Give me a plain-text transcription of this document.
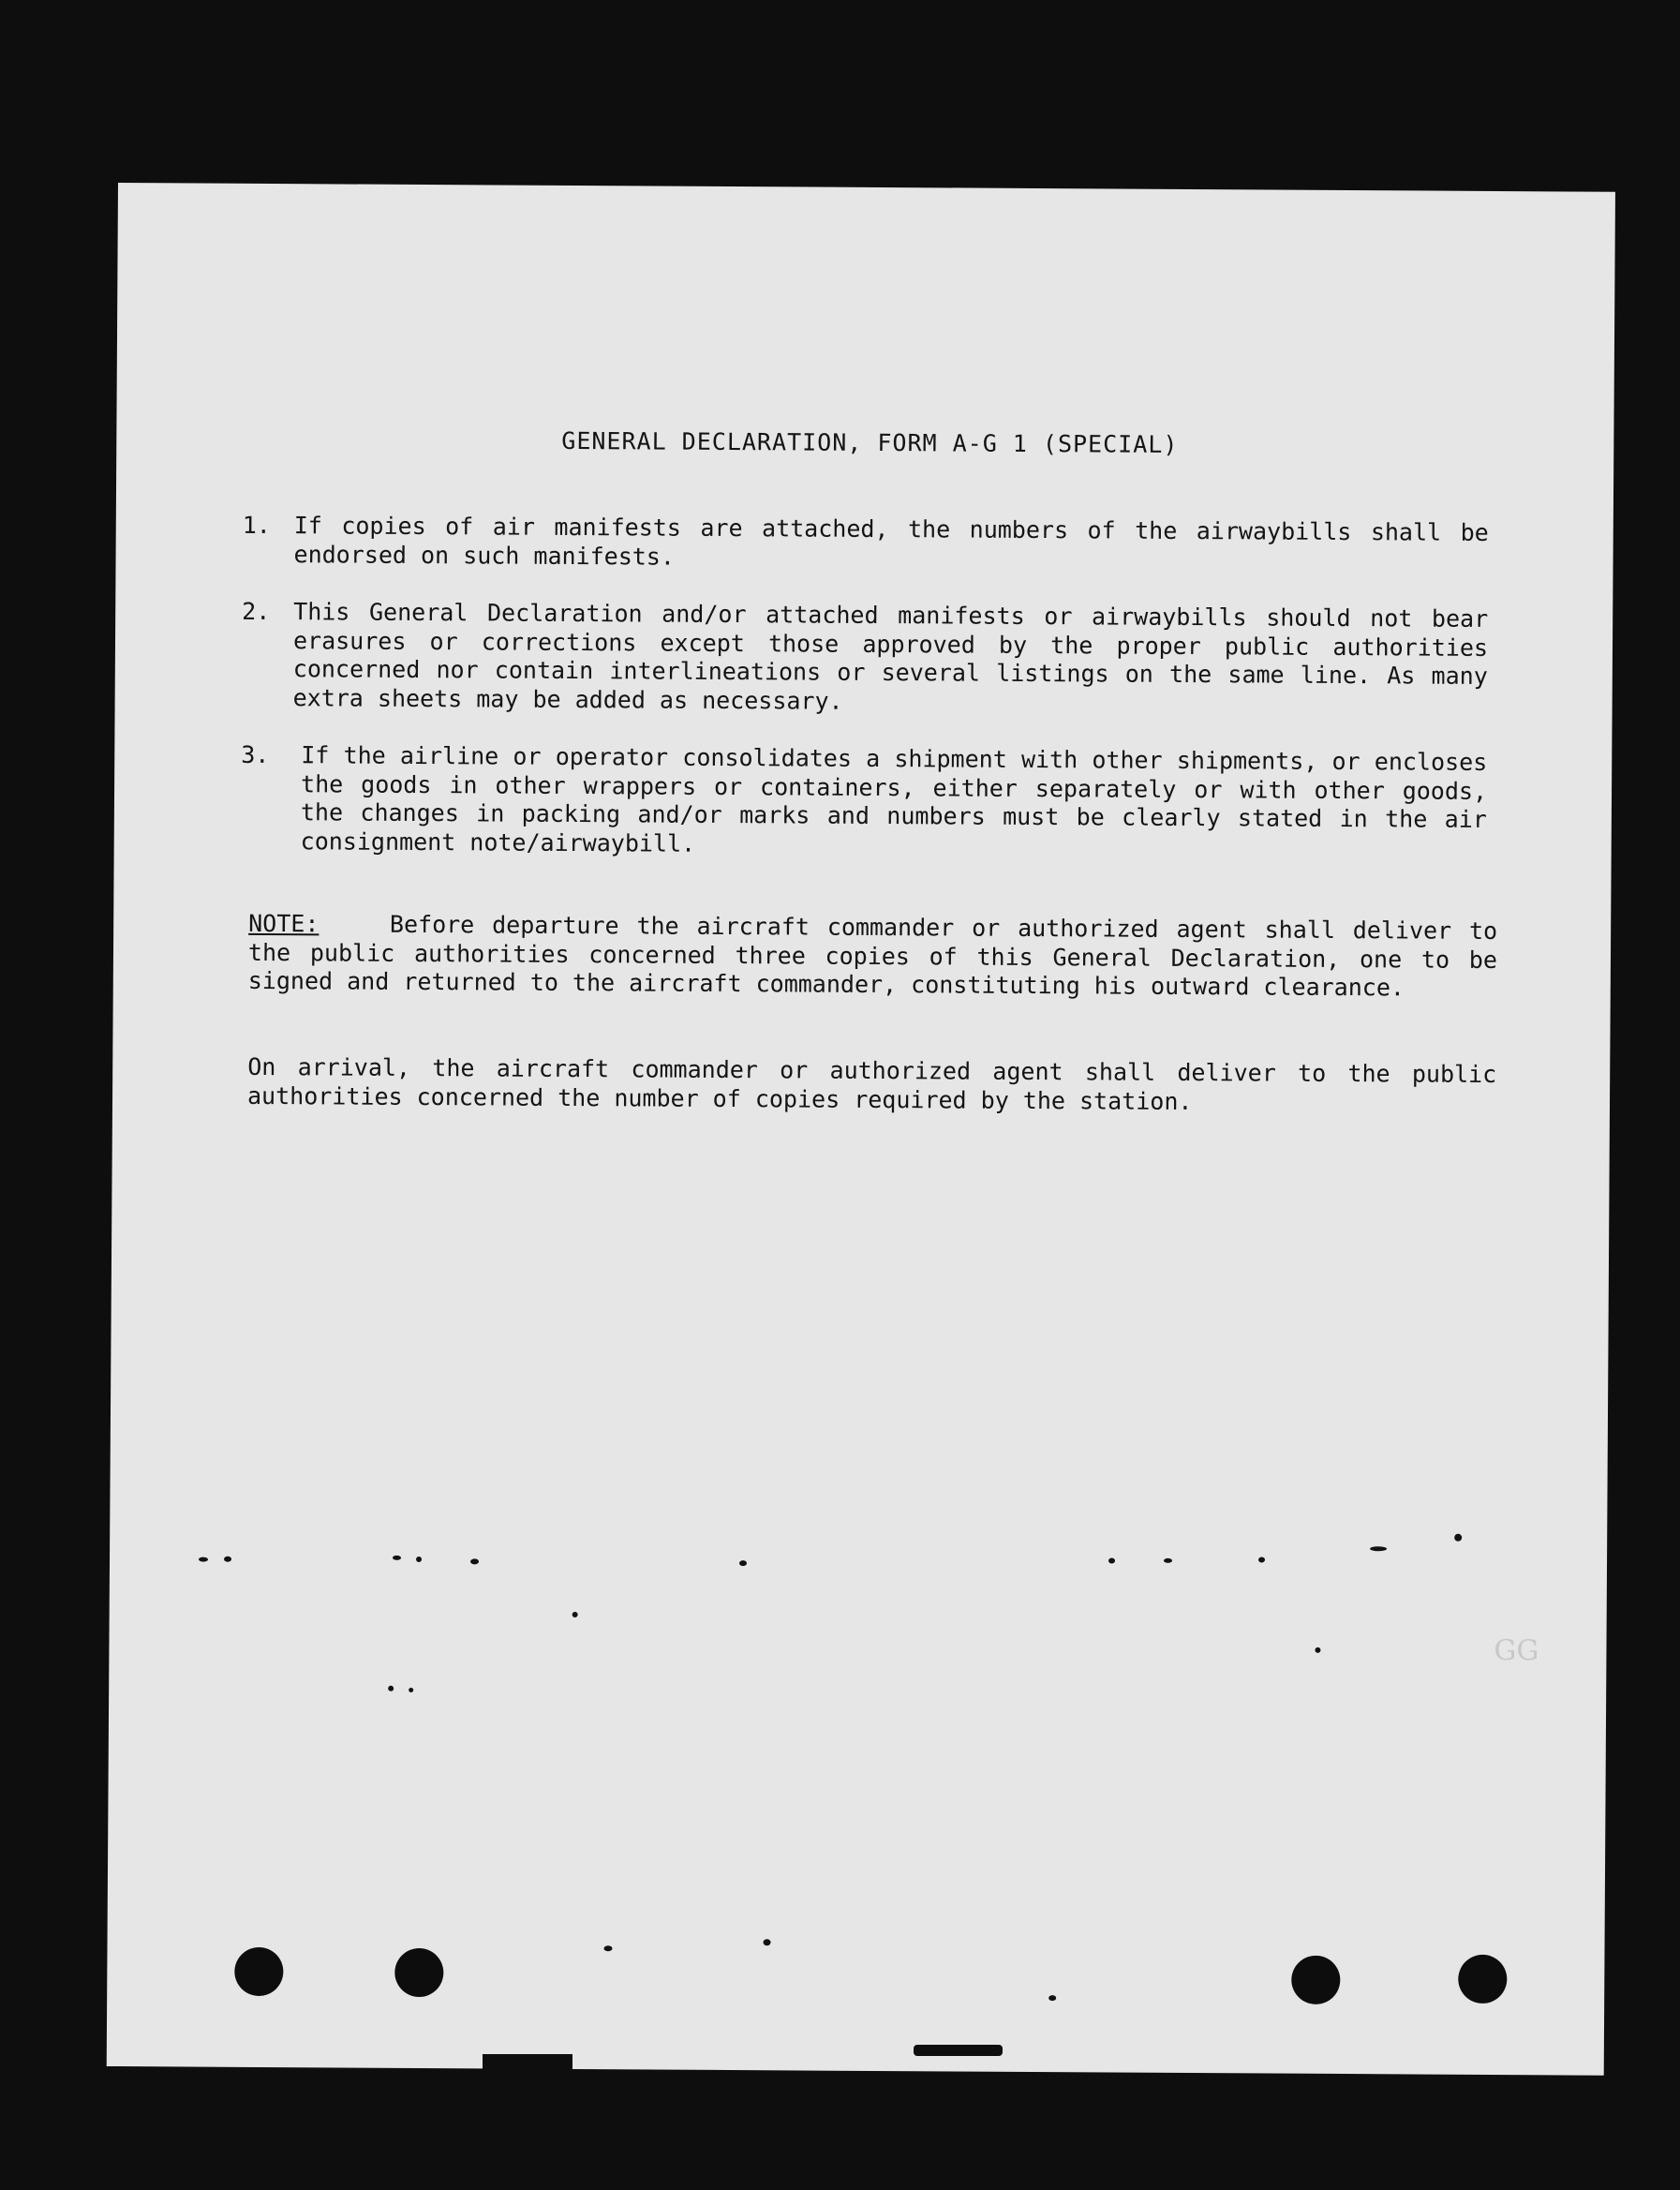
GENERAL DECLARATION, FORM A-G 1 (SPECIAL)
1. If copies of air manifests are attached, the numbers of the airwaybills shall be endorsed on such manifests.
2. This General Declaration and/or attached manifests or airwaybills should not bear erasures or corrections except those approved by the proper public authorities concerned nor contain interlineations or several listings on the same line. As many extra sheets may be added as necessary.
3.	If the airline or operator consolidates a shipment with other shipments, or encloses the goods in other wrappers or containers, either separately or with other goods, the changes in packing and/or marks and numbers must be clearly stated in the air consignment note/airwaybill.
NOTE:	Before departure the aircraft commander or authorized agent shall deliver to the public authorities concerned three copies of this General Declaration, one to be signed and returned to the aircraft commander, constituting his outward clearance.
On arrival, the aircraft commander or authorized agent shall deliver to the public authorities concerned the number of copies required by the station.
GG
